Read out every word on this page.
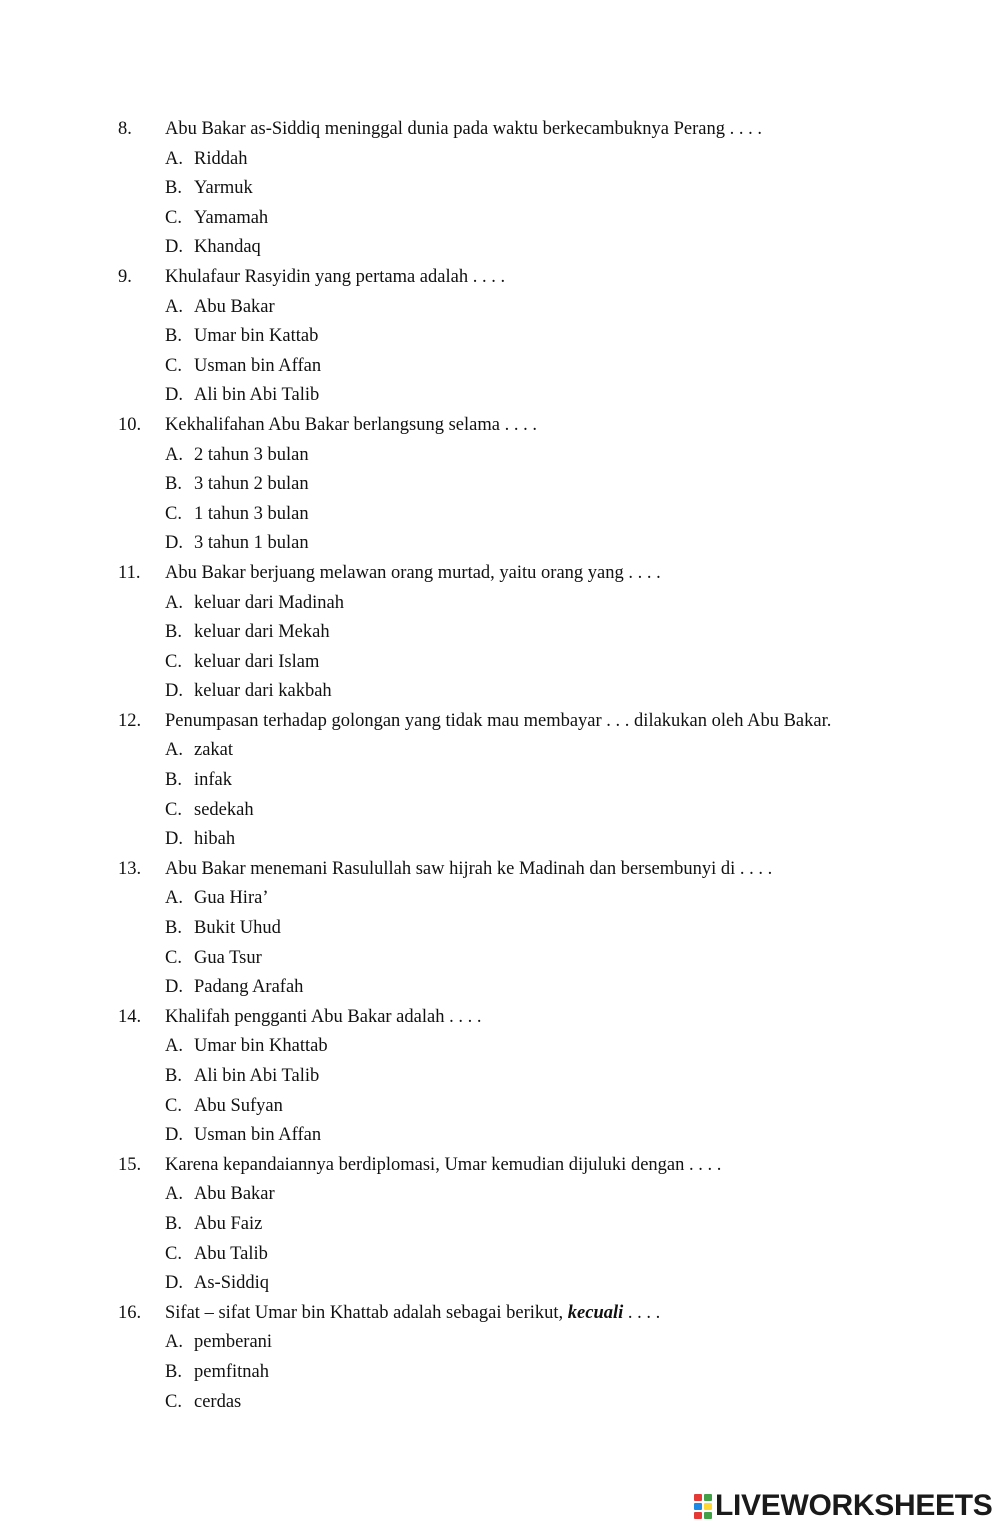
8. Abu Bakar as-Siddiq meninggal dunia pada waktu berkecambuknya Perang . . . .
A. Riddah
B. Yarmuk
C. Yamamah
D. Khandaq
9. Khulafaur Rasyidin yang pertama adalah . . . .
A. Abu Bakar
B. Umar bin Kattab
C. Usman bin Affan
D. Ali bin Abi Talib
10. Kekhalifahan Abu Bakar berlangsung selama . . . .
A. 2 tahun 3 bulan
B. 3 tahun 2 bulan
C. 1 tahun 3 bulan
D. 3 tahun 1 bulan
11. Abu Bakar berjuang melawan orang murtad, yaitu orang yang . . . .
A. keluar dari Madinah
B. keluar dari Mekah
C. keluar dari Islam
D. keluar dari kakbah
12. Penumpasan terhadap golongan yang tidak mau membayar . . . dilakukan oleh Abu Bakar.
A. zakat
B. infak
C. sedekah
D. hibah
13. Abu Bakar menemani Rasulullah saw hijrah ke Madinah dan bersembunyi di . . . .
A. Gua Hira’
B. Bukit Uhud
C. Gua Tsur
D. Padang Arafah
14. Khalifah pengganti Abu Bakar adalah . . . .
A. Umar bin Khattab
B. Ali bin Abi Talib
C. Abu Sufyan
D. Usman bin Affan
15. Karena kepandaiannya berdiplomasi, Umar kemudian dijuluki dengan . . . .
A. Abu Bakar
B. Abu Faiz
C. Abu Talib
D. As-Siddiq
16. Sifat – sifat Umar bin Khattab adalah sebagai berikut, kecuali . . . .
A. pemberani
B. pemfitnah
C. cerdas
LIVEWORKSHEETS
